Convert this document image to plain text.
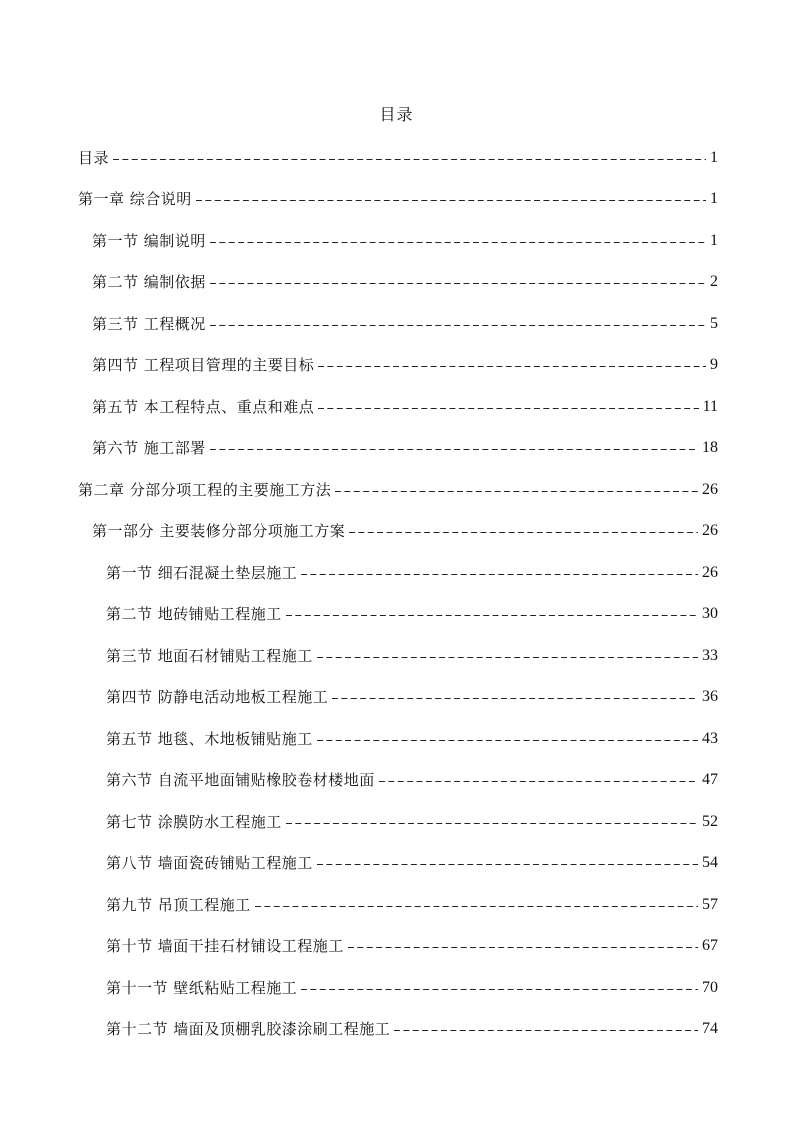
目录
目录	1
第一章 综合说明	1
第一节 编制说明	1
第二节 编制依据	2
第三节 工程概况	5
第四节 工程项目管理的主要目标	9
第五节 本工程特点、重点和难点	11
第六节 施工部署	18
第二章 分部分项工程的主要施工方法	26
第一部分 主要装修分部分项施工方案	26
第一节 细石混凝土垫层施工	26
第二节 地砖铺贴工程施工	30
第三节 地面石材铺贴工程施工	33
第四节 防静电活动地板工程施工	36
第五节 地毯、木地板铺贴施工	43
第六节 自流平地面铺贴橡胶卷材楼地面	47
第七节 涂膜防水工程施工	52
第八节 墙面瓷砖铺贴工程施工	54
第九节 吊顶工程施工	57
第十节 墙面干挂石材铺设工程施工	67
第十一节 壁纸粘贴工程施工	70
第十二节 墙面及顶棚乳胶漆涂刷工程施工	74
